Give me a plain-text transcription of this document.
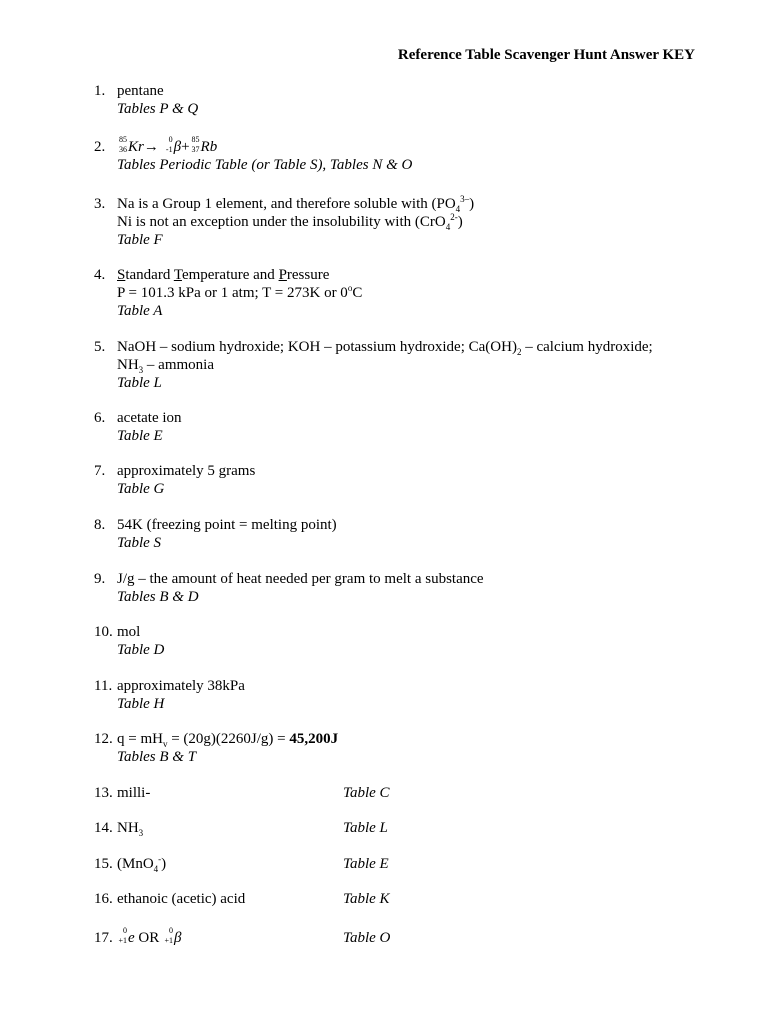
Reference Table Scavenger Hunt Answer KEY
1. pentane
Tables P & Q
2. 85
36 Kr→ 0
-1 β+ 85
37 Rb
Tables Periodic Table (or Table S), Tables N & O
3. Na is a Group 1 element, and therefore soluble with $(PO_4^{3-})$
Ni is not an exception under the insolubility with (CrO$_4^{2-}$)
Table F
4. Standard Temperature and Pressure
P = 101.3 kPa or 1 atm; T = 273K or 0$^o$C
Table A
5. NaOH – sodium hydroxide; KOH – potassium hydroxide; $Ca(OH)_2$ – calcium hydroxide;
$NH_3$ – ammonia
Table L
6. acetate ion
Table E
7. approximately 5 grams
Table G
8. 54K (freezing point = melting point)
Table S
9. J/g – the amount of heat needed per gram to melt a substance
Tables B & D
10. mol
Table D
11. approximately 38kPa
Table H
12. $q = mH_v = (20g)(2260J/g) = 45,200J$
Tables B & T
13. milli-	Table C
14. $NH_3$	Table L
15. (MnO$_4$-)	Table E
16. ethanoic (acetic) acid	Table K
17. 0
+1 e OR 0
+1 β	Table O
